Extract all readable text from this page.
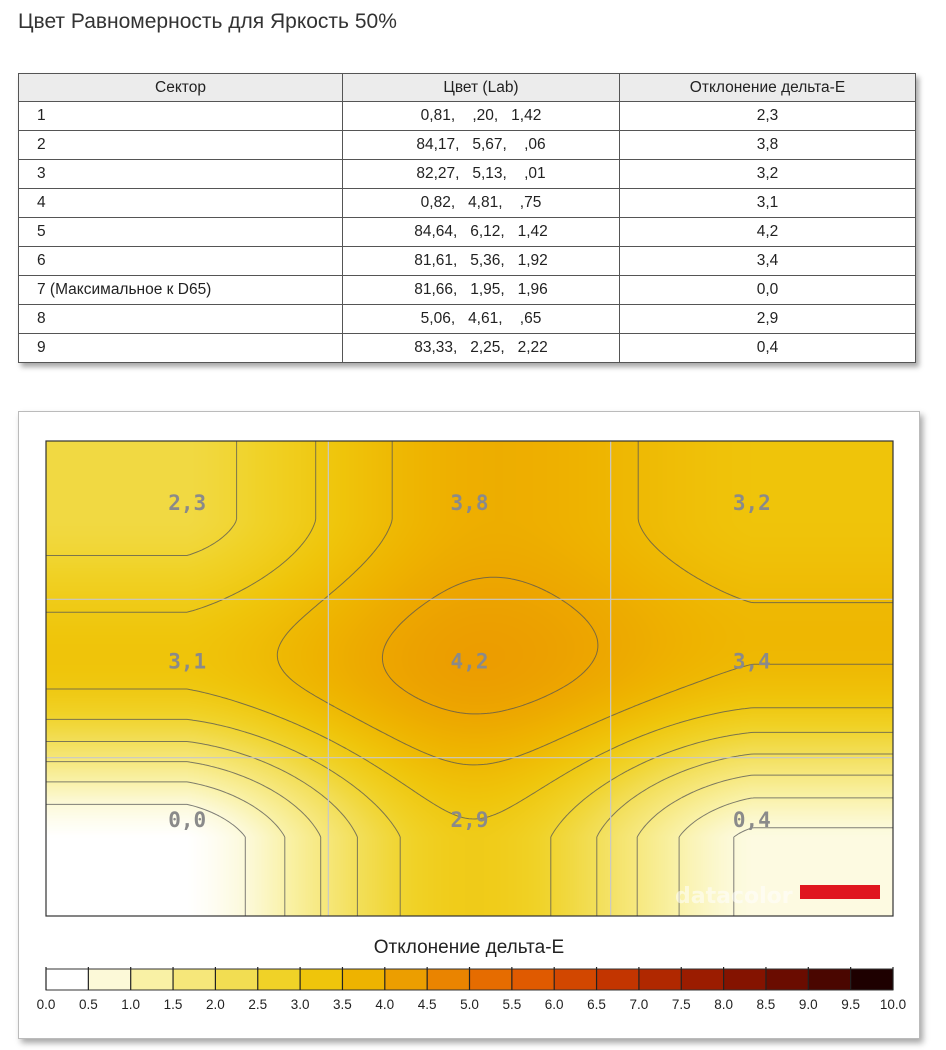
Цвет Равномерность для Яркость 50%
Сектор	Цвет (Lab)	Отклонение дельта-E
1	0,81,    ,20,   1,42	2,3
2	84,17,   5,67,    ,06	3,8
3	82,27,   5,13,    ,01	3,2
4	0,82,   4,81,    ,75	3,1
5	84,64,   6,12,   1,42	4,2
6	81,61,   5,36,   1,92	3,4
7 (Максимальное к D65)	81,66,   1,95,   1,96	0,0
8	5,06,   4,61,    ,65	2,9
9	83,33,   2,25,   2,22	0,4
2,3	3,8	3,2
3,1	4,2	3,4
0,0	2,9	0,4
datacolor
0.0 0.5 1.0 1.5 2.0 2.5 3.0 3.5 4.0 4.5 5.0 5.5 6.0 6.5 7.0 7.5 8.0 8.5 9.0 9.5 10.0
Отклонение дельта-E
